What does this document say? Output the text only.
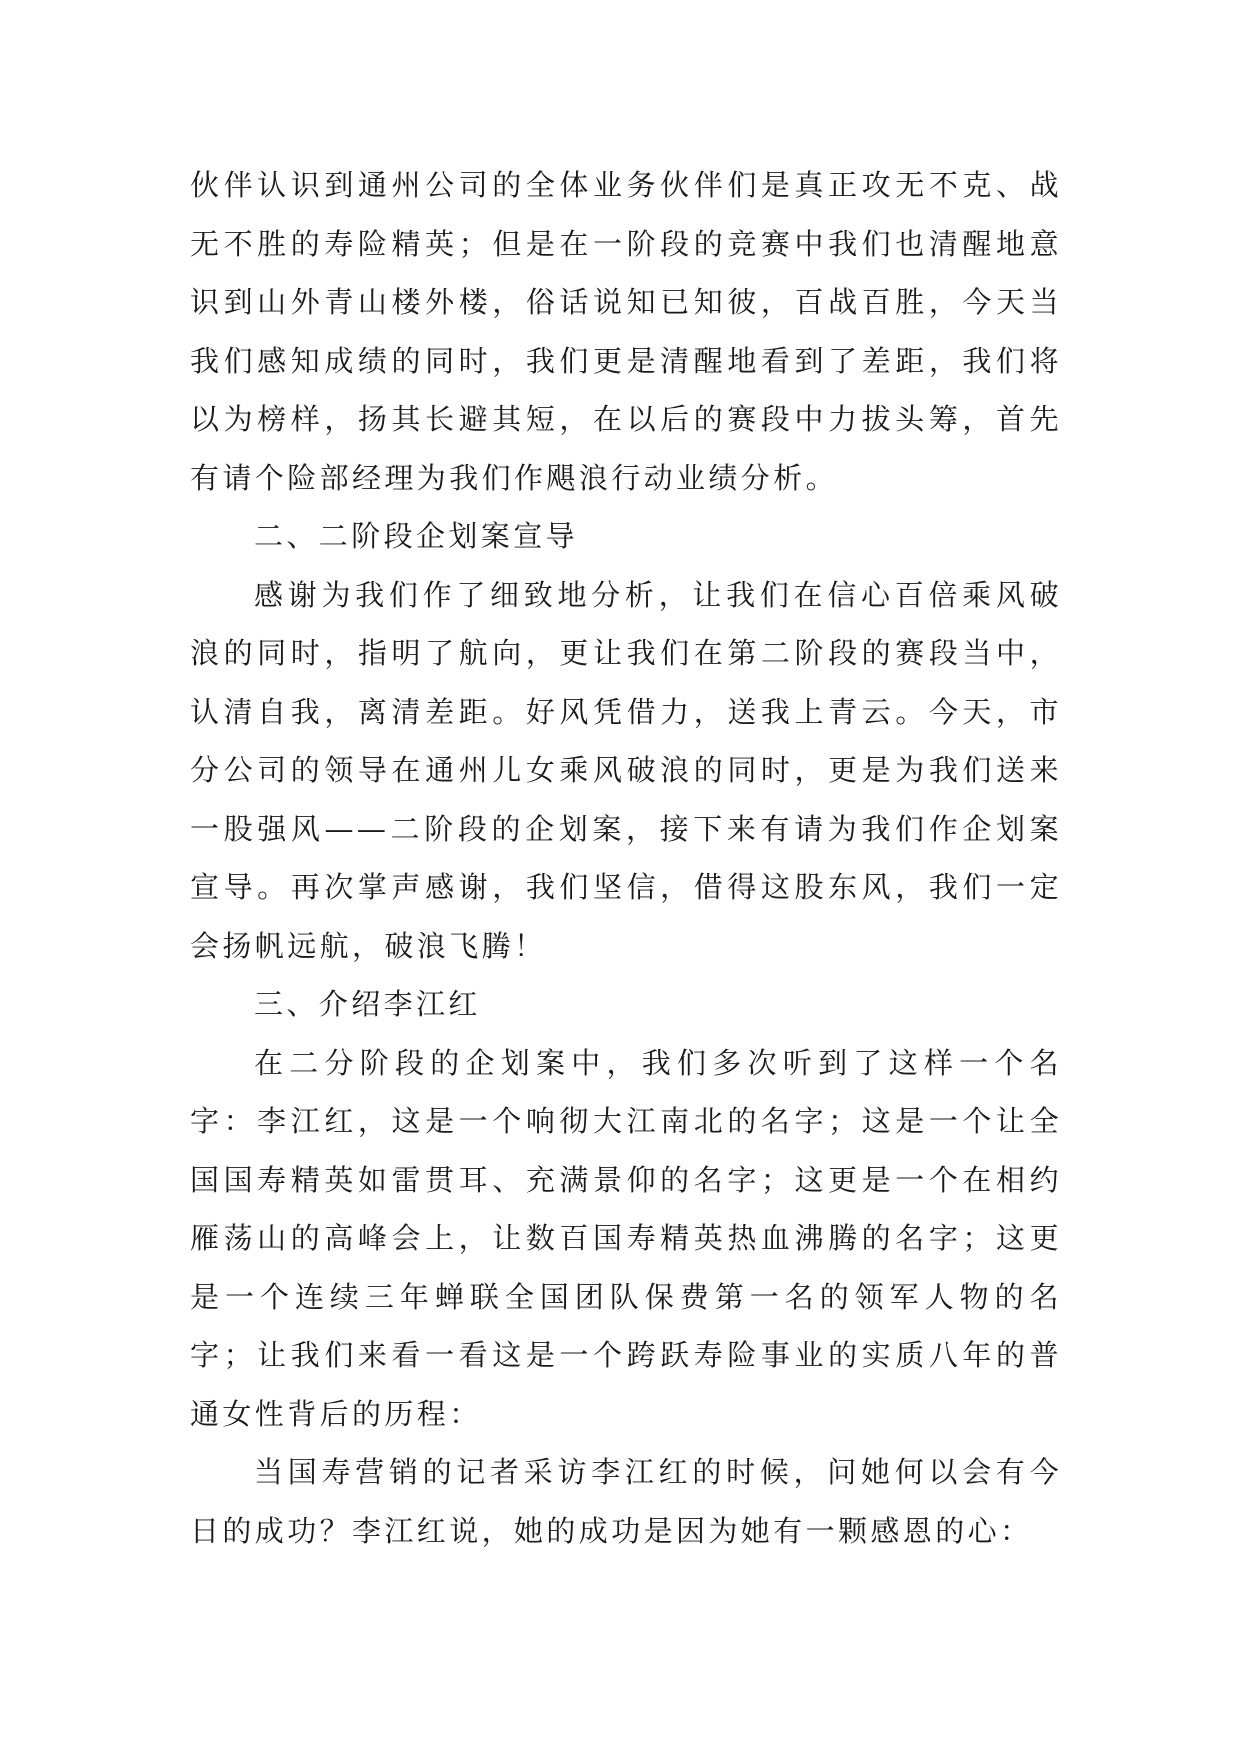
伙伴认识到通州公司的全体业务伙伴们是真正攻无不克、战无不胜的寿险精英；但是在一阶段的竞赛中我们也清醒地意识到山外青山楼外楼，俗话说知已知彼，百战百胜，今天当我们感知成绩的同时，我们更是清醒地看到了差距，我们将以为榜样，扬其长避其短，在以后的赛段中力拔头筹，首先有请个险部经理为我们作飓浪行动业绩分析。

二、二阶段企划案宣导

感谢为我们作了细致地分析，让我们在信心百倍乘风破浪的同时，指明了航向，更让我们在第二阶段的赛段当中，认清自我，离清差距。好风凭借力，送我上青云。今天，市分公司的领导在通州儿女乘风破浪的同时，更是为我们送来一股强风——二阶段的企划案，接下来有请为我们作企划案宣导。再次掌声感谢，我们坚信，借得这股东风，我们一定会扬帆远航，破浪飞腾！

三、介绍李江红

在二分阶段的企划案中，我们多次听到了这样一个名字：李江红，这是一个响彻大江南北的名字；这是一个让全国国寿精英如雷贯耳、充满景仰的名字；这更是一个在相约雁荡山的高峰会上，让数百国寿精英热血沸腾的名字；这更是一个连续三年蝉联全国团队保费第一名的领军人物的名字；让我们来看一看这是一个跨跃寿险事业的实质八年的普通女性背后的历程：

当国寿营销的记者采访李江红的时候，问她何以会有今日的成功？李江红说，她的成功是因为她有一颗感恩的心：
